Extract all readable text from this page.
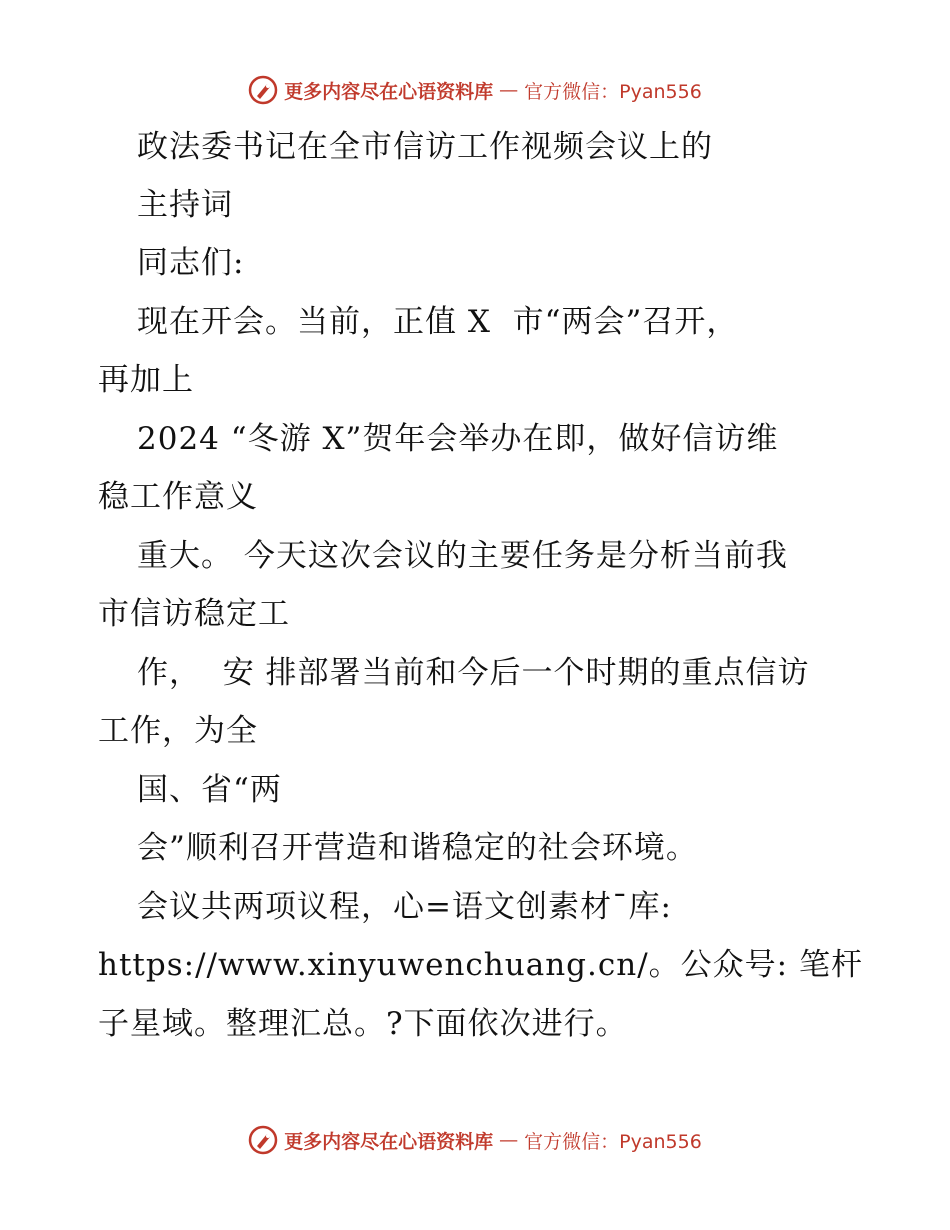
更多内容尽在心语资料库 — 官方微信：Pyan556
政法委书记在全市信访工作视频会议上的
主持词
同志们:
现在开会。当前，正值 X  市“两会”召开，
再加上
2024 “冬游 X”贺年会举办在即，做好信访维
稳工作意义
重大。 今天这次会议的主要任务是分析当前我
市信访稳定工
作，  安 排部署当前和今后一个时期的重点信访
工作，为全
国、省“两
会”顺利召开营造和谐稳定的社会环境。
会议共两项议程，心=语文创素材¯库:
https://www.xinyuwenchuang.cn/。公众号: 笔杆
子星域。整理汇总。?下面依次进行。
更多内容尽在心语资料库 — 官方微信：Pyan556
